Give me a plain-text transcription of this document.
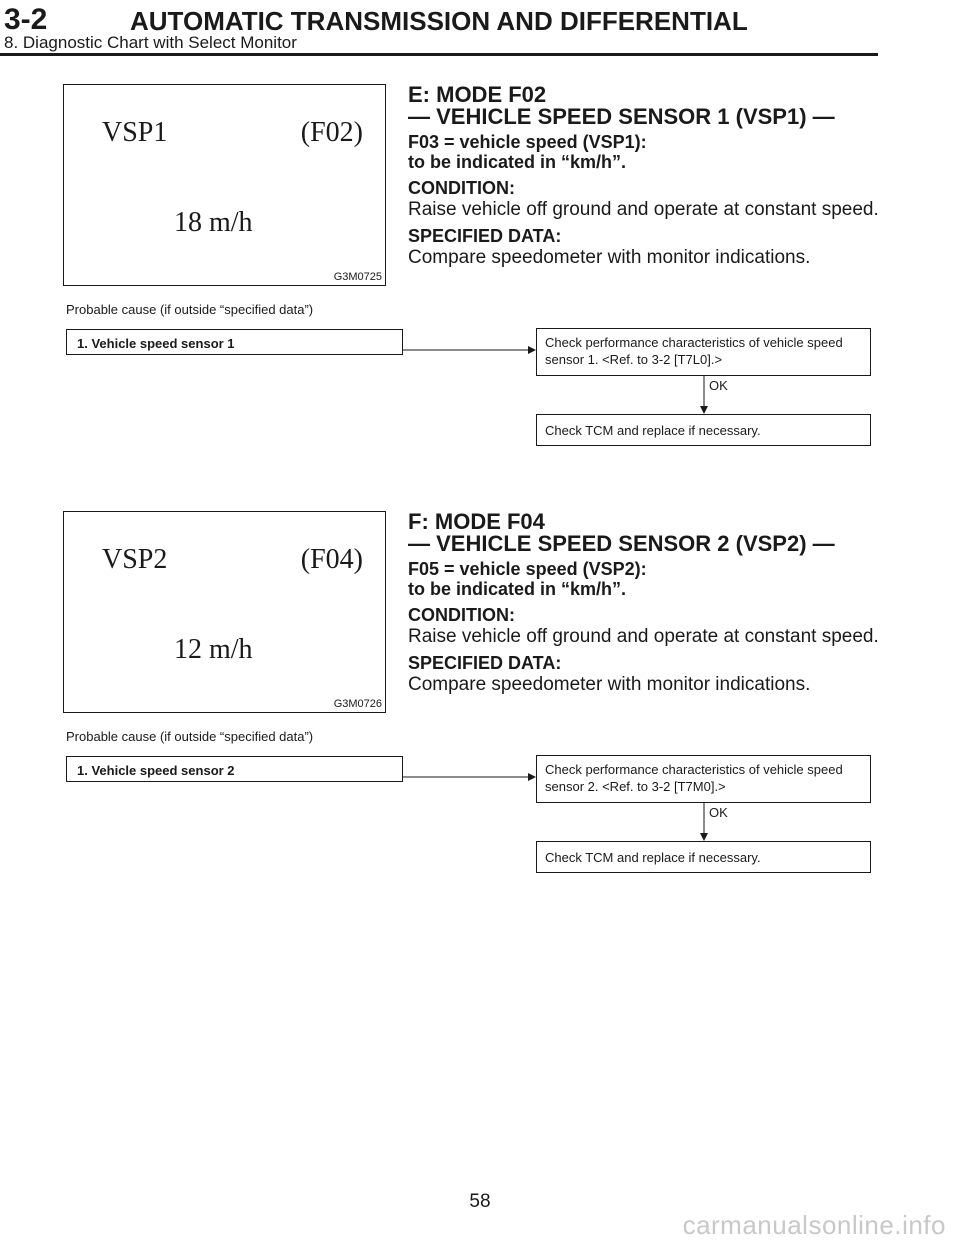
3-2	AUTOMATIC TRANSMISSION AND DIFFERENTIAL
8. Diagnostic Chart with Select Monitor
VSP1	(F02)
18 m/h
G3M0725
E: MODE F02
— VEHICLE SPEED SENSOR 1 (VSP1) —
F03 = vehicle speed (VSP1):
to be indicated in “km/h”.
CONDITION:
Raise vehicle off ground and operate at constant speed.
SPECIFIED DATA:
Compare speedometer with monitor indications.
Probable cause (if outside “specified data”)
1. Vehicle speed sensor 1	Check performance characteristics of vehicle speed
sensor 1. <Ref. to 3-2 [T7L0].>
OK
Check TCM and replace if necessary.
VSP2	(F04)
12 m/h
G3M0726
F: MODE F04
— VEHICLE SPEED SENSOR 2 (VSP2) —
F05 = vehicle speed (VSP2):
to be indicated in “km/h”.
CONDITION:
Raise vehicle off ground and operate at constant speed.
SPECIFIED DATA:
Compare speedometer with monitor indications.
Probable cause (if outside “specified data”)
1. Vehicle speed sensor 2	Check performance characteristics of vehicle speed
sensor 2. <Ref. to 3-2 [T7M0].>
OK
Check TCM and replace if necessary.
58
carmanualsonline.info
